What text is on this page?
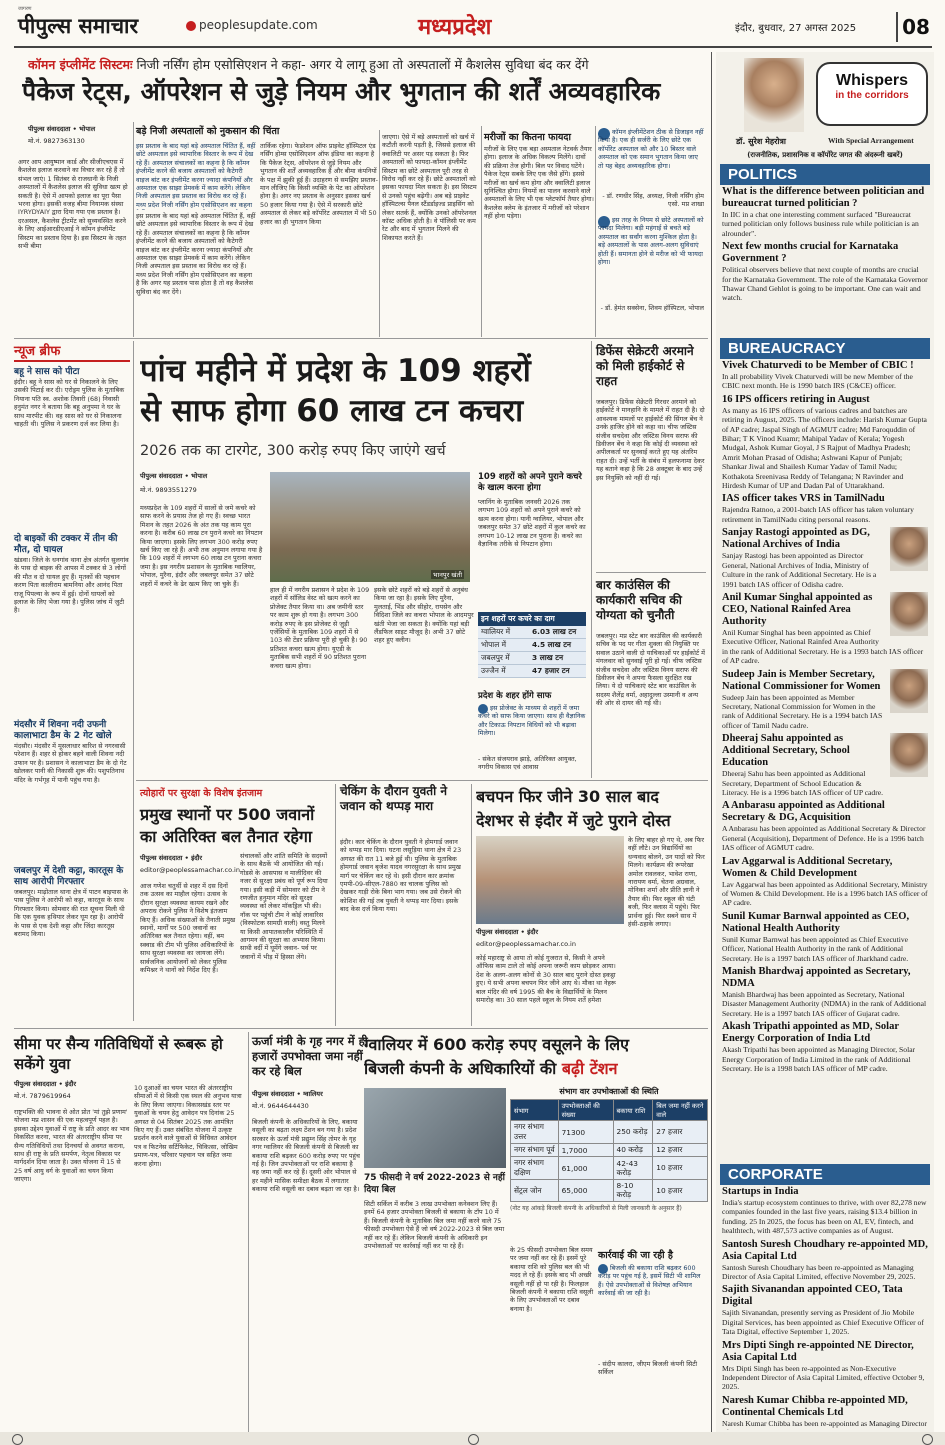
जागरण
पीपुल्स समाचार	peoplesupdate.com	मध्यप्रदेश	इंदौर, बुधवार, 27 अगस्त 2025	08
कॉमन इंप्लीमेंट सिस्टमः निजी नर्सिंग होम एसोसिएशन ने कहा- अगर ये लागू हुआ तो अस्पतालों में कैशलेस सुविधा बंद कर देंगे
पैकेज रेट्स, ऑपरेशन से जुड़े नियम और भुगतान की शर्तें अव्यवहारिक
पीपुल्स संवाददाता • भोपाल
मो.नं. 9827363130
अगर आप आयुष्मान कार्ड और सीजीएचएस में कैशलेस इलाज करवाने का विचार कर रहे हैं तो संभल जाएं। 1 सितंबर से राजधानी के निजी अस्पतालों में कैशलेस इलाज की सुविधा खत्म हो सकती है। ऐसे में आपको इलाज का पूरा पैसा भरना होगा। इसकी वजह बीमा नियामक संस्था IYRYDYAIY द्वारा दिया गया एक प्रस्ताव है। दरअसल, कैशलेस ट्रीटमेंट को सुव्यवस्थित करने के लिए आईआरडीएआई ने कॉमन इंप्लीमेंट सिस्टम का प्रस्ताव दिया है। इस सिस्टम के तहत सभी बीमा
बड़े निजी अस्पतालों को नुकसान की चिंता
इस प्रस्ताव के बाद यहां बड़े अस्पताल चिंतित हैं, वहीं छोटे अस्पताल इसे व्यापारिक विस्तार के रूप में देख रहे हैं। अस्पताल संचालकों का कहना है कि कॉमन इंप्लीमेंट करने की बजाय अस्पतालों को कैटेगरी वाइज बांट कर इंप्लीमेंट करना ज्यादा कंपनियों और अस्पताल एक साझा प्रेमवर्क में काम करेंगे। लेकिन निजी अस्पताल इस प्रस्ताव का विरोध कर रहे हैं। मध्य प्रदेश निजी नर्सिंग होम एसोसिएशन का कहना
इस प्रस्ताव के बाद यहां बड़े अस्पताल चिंतित हैं, वहीं छोटे अस्पताल इसे व्यापारिक विस्तार के रूप में देख रहे हैं। अस्पताल संचालकों का कहना है कि कॉमन इंप्लीमेंट करने की बजाय अस्पतालों को कैटेगरी वाइज बांट कर इंप्लीमेंट करना ज्यादा कंपनियों और अस्पताल एक साझा प्रेमवर्क में काम करेंगे। लेकिन निजी अस्पताल इस प्रस्ताव का विरोध कर रहे हैं। मध्य प्रदेश निजी नर्सिंग होम एसोसिएशन का कहना है कि अगर यह प्रस्ताव पास होता है तो वह कैशलेस सुविधा बंद कर देंगे।
तार्किक रहेगा। फेडरेशन ऑफ प्राइवेट हॉस्पिटल एंड नर्सिंग होम्स एसोसिएशन ऑफ इंडिया का कहना है कि पैकेज रेट्स, ऑपरेशन से जुड़े नियम और भुगतान की शर्तें अव्यवहारिक हैं और बीमा कंपनियों के पक्ष में झुकी हुई हैं। उदाहरण से समझिए प्रस्ताव-मान लीजिए कि किसी व्यक्ति के पेट का ऑपरेशन होना है। अगर नए प्रस्ताव के अनुसार इसका खर्च 50 हजार किया गया है। ऐसे में सरकारी छोटे अस्पताल से लेकर बड़े कॉर्पोरेट अस्पताल में भी 50 हजार का ही भुगतान किया
जाएगा। ऐसे में बड़े अस्पतालों को खर्च में कटौती करनी पड़ती है, जिससे इलाज की क्वालिटी पर असर पड़ सकता है। फिर अस्पतालों को फायदा-कॉमन इंप्लीमेंट सिस्टम का छोटे अस्पताल पूरी तरह से विरोध नहीं कर रहे हैं। छोटे अस्पतालों को इसका फायदा मिल सकता है। इस सिस्टम से उनको पहुंच बढ़ेगी। अब बड़े प्राइवेट हॉस्पिटल्स पैनल स्टैंडर्डाइज्ड प्राइसिंग को लेकर सतर्क हैं, क्योंकि उनको ऑपरेशनल कॉस्ट अधिक होती है। वे पॉलिसी पर कम रेट और बाद में भुगतान मिलने की शिकायत करते हैं।
मरीजों का कितना फायदा
मरीजों के लिए एक बड़ा अस्पताल नेटवर्क तैयार होगा। इलाज के अधिक विकल्प मिलेंगे। दावों की प्रक्रिया तेज होगी। बिल पर विवाद घटेंगे। पैकेज रेट्स सबके लिए एक जैसे होंगे। इससे मरीजों का खर्च कम होगा और क्वालिटी इलाज सुनिश्चित होगा। नियमों का पालन करवाने वाले अस्पतालों के लिए भी एक प्लेटफॉर्म तैयार होगा। कैशलेस क्लेम के इंतजार में मरीजों को परेशान नहीं होना पड़ेगा।
कॉमन इंप्लीमेंटेशन ठीक से डिजाइन नहीं किया है। एक ही सर्जरी के लिए छोटे एक कॉर्पोरेट अस्पताल को और 10 बिस्तर वाले अस्पताल को एक समान भुगतान किया जाए तो यह बेहद अव्यवहारिक होगा।
- डॉ. रणधीर सिंह, अध्यक्ष, निजी नर्सिंग होम एसो. मप्र शाखा
इस तरह के नियम से छोटे अस्पतालों को फायदा मिलेगा। बड़ी महंगाई से बचते बड़े अस्पताल का सर्वांग करना मुश्किल होता है। बड़े अस्पतालों के पास अलग-अलग सुविधाएं होती हैं। समानता होने से मरीज को भी फायदा होगा।
- डॉ. हेमंत सक्सेना, शिवम हॉस्पिटल, भोपाल
न्यूज ब्रीफ
बहू ने सास को पीटा
इंदौर। बहू ने सास को घर से निकालने के लिए उसकी पिटाई कर दी। एरोड्रम पुलिस के मुताबिक नियाना पति स्व. अशोक तिवारी (68) निवासी हनुमंत नगर ने बताया कि बहू अनुपमा ने घर के साथ मारपीट की। वह सास को घर से निकालना चाहती थी। पुलिस ने प्रकरण दर्ज कर लिया है।
दो बाइकों की टक्कर में तीन की मौत, दो घायल
खंडवा। जिले के धनगांव थाना क्षेत्र अंतर्गत सुलगांव के पास दो बाइक की आपस में टक्कर से 3 लोगों की मौत व दो घायल हुए हैं। मृतकों की पहचान करण पिता कालीराम बामनिया और आनंद पिता राजू पिपल्या के रूप में हुई। दोनों घायलों को इलाज के लिए भेजा गया है। पुलिस जांच में जुटी है।
मंदसौर में शिवना नदी उफनी कालाभाटा डैम के 2 गेट खोले
मंदसौर। मंदसौर में मूसलाधार बारिश से नगरवासी परेशान हैं। शहर से होकर बहने वाली शिवना नदी उफान पर है। प्रशासन ने कालाभाटा डैम के दो गेट खोलकर पानी की निकासी शुरू की। पशुपतिनाथ मंदिर के गर्भगृह में पानी पहुंच गया है।
जबलपुर में देशी कट्टा, कारतूस के साथ आरोपी गिरफ्तार
जबलपुर। माढ़ोताल थाना क्षेत्र में पाटन बाइपास के पास पुलिस ने आरोपी को कट्टा, कारतूस के साथ गिरफ्तार किया। सोमवार की रात सूचना मिली थी कि एक युवक हथियार लेकर घूम रहा है। आरोपी के पास से एक देशी कट्टा और जिंदा कारतूस बरामद किया।
पांच महीने में प्रदेश के 109 शहरों
से साफ होगा 60 लाख टन कचरा
2026 तक का टारगेट, 300 करोड़ रुपए किए जाएंगे खर्च
पीपुल्स संवाददाता • भोपाल
मो.नं. 9893551279
मध्यप्रदेश के 109 शहरों में सालों से जमे कचरे को साफ करने के प्रयास तेज हो गए हैं। स्वच्छ भारत मिशन के तहत 2026 के अंत तक यह काम पूरा करना है। करीब 60 लाख टन पुराने कचरे का निपटान किया जाएगा। इसके लिए लगभग 300 करोड़ रुपए खर्च किए जा रहे हैं। अभी तक अनुमान लगाया गया है कि 109 शहरों में लगभग 60 लाख टन पुराना कचरा जमा है। इस नगरीय प्रशासन के मुताबिक ग्वालियर, भोपाल, मुरैना, इंदौर और जबलपुर समेत 37 छोटे शहरों में कचरे के ढेर खत्म किए जा चुके हैं।
भानपुर खंती
हाल ही में नगरीय प्रशासन ने प्रदेश के 109 शहरों में सॉलिड वेस्ट को खत्म करने का प्रोजेक्ट तैयार किया था। अब जमीनी स्तर पर काम शुरू हो गया है। लगभग 300 करोड़ रुपए के इस प्रोजेक्ट से जुड़ी एजेंसियों के मुताबिक 109 शहरों में से 103 की टेंडर प्रक्रिया पूरी हो चुकी है। 90 प्रतिशत कचरा खत्म होगा। यूएडी के मुताबिक सभी शहरों में 90 प्रतिशत पुराना कचरा खत्म होगा।
इसके छोटे शहरों को बड़े शहरों से अनुबंध किया जा रहा है। इसके लिए मुरैना, मुलताई, भिंड और सीहोर, रायसेन और विदिशा जिले का कचरा भोपाल के आदमपुर खंती भेजा जा सकता है। क्योंकि यहां बड़ी लैंडफिल साइट मौजूद है। अभी 37 छोटे शहर हुए क्लीन।
109 शहरों को अपने पुराने कचरे के खात्म करना होगा
प्लानिंग के मुताबिक जनवरी 2026 तक लगभग 109 शहरों को अपने पुराने कचरे को खत्म करना होगा। यानी ग्वालियर, भोपाल और जबलपुर समेत 37 छोटे शहरों में कुल कचरे का लगभग 10-12 लाख टन पुराना है। कचरे का वैज्ञानिक तरीके से निपटान होगा।
इन शहरों पर कचरे का दाग
ग्वालियर में	6.03 लाख टन
भोपाल में	4.5 लाख टन
जबलपुर में	3 लाख टन
उज्जैन में	47 हजार टन
प्रदेश के शहर होंगे साफ
इस प्रोजेक्ट के माध्यम से शहरों में जमा कचरे को साफ किया जाएगा। साथ ही वैज्ञानिक और टिकाऊ निपटान विधियों को भी बढ़ावा मिलेगा।
- संकेत संजयराव झाड़े, अतिरिक्त आयुक्त, नगरीय विकास एवं आवास
डिफेंस सेक्रेटरी अरमाने को मिली हाईकोर्ट से राहत
जबलपुर। डिफेंस सेक्रेटरी गिरधर अरमाने को हाईकोर्ट ने मानहानि के मामले में राहत दी है। दो आवश्यक मामलों पर हाईकोर्ट की सिंगल बेंच ने उनके हाजिर होने को कहा था। चीफ जस्टिस संजीव सचदेवा और जस्टिस विनय सराफ की डिवीजन बेंच ने कहा कि कोई दी व्यवस्था को अपीलकर्ता पर सुनवाई करते हुए यह अंतरिम राहत दी। उन्हें भर्ती के संबंध में हलफनामा देकर यह बताने कहा है कि 28 अक्टूबर के बाद उन्हें इस नियुक्ति को नहीं दी गई।
बार काउंसिल की कार्यकारी सचिव की योग्यता को चुनौती
जबलपुर। मप्र स्टेट बार काउंसिल की कार्यकारी सचिव के पद पर गीता शुक्ला की नियुक्ति पर सवाल उठाने वाली दो याचिकाओं पर हाईकोर्ट में मंगलवार को सुनवाई पूरी हो गई। चीफ जस्टिस संजीव सचदेवा और जस्टिस विनय सराफ की डिवीजन बेंच ने अपना फैसला सुरक्षित रख लिया। ये दो याचिकाएं स्टेट बार काउंसिल के सदस्य शैलेंद्र वर्मा, अहादुल्ला उस्मानी व अन्य की ओर से दायर की गई थी।
त्योहारों पर सुरक्षा के विशेष इंतजाम
प्रमुख स्थानों पर 500 जवानों का अतिरिक्त बल तैनात रहेगा
पीपुल्स संवाददाता • इंदौर
editor@peoplessamachar.co.in
आज गणेश चतुर्थी से शहर में दस दिनों तक उत्सव का माहौल रहेगा। उत्सव के दौरान सुरक्षा व्यवस्था कायम रखने और अपराध रोकने पुलिस ने विशेष इंतजाम किए हैं। अधिक संख्याओं के तैनाती प्रमुख स्थानों, मार्गों पर 500 जवानों का अतिरिक्त बल तैनात रहेगा। वहीं, बम स्क्वाड की टीम भी पुलिस अधिकारियों के साथ सुरक्षा व्यवस्था का जायजा लेंगे। सार्वजनिक आयोजनों को लेकर पुलिस कमिश्नर ने थानों को निर्देश दिए हैं।
संचालकों और शांति समिति के सदस्यों के साथ बैठकें भी आयोजित की गई। गोडसे के आसपास व मालीदिवर की नजर से सुरक्षा प्रबंध को पूर्ण रूप दिया गया। इसी कड़ी में सोमवार को टीम ने रणजीत हनुमान मंदिर को सुरक्षा व्यवस्था को लेकर मॉकड्रिल भी की। नॉक पर पहुंची टीम ने कोई लावारिस (विस्फोटक सामग्री वाली) वस्तु मिलने या किसी आपातकालीन परिस्थिति में आगमन की सुरक्षा का अभ्यास किया। साथी वर्दी में घूमेंगे जवान- पर्व पर जवानों में भीड़ में हिस्सा लेंगे।
चेकिंग के दौरान युवती ने जवान को थप्पड़ मारा
इंदौर। कार चेकिंग के दौरान युवती ने होमगार्ड जवान को थप्पड़ मार दिया। घटना लसूड़िया थाना क्षेत्र में 23 अगस्त की रात 11 बजे हुई थी। पुलिस के मुताबिक होमगार्ड जवान बृजेश यादव नगरसुरक्षा के साथ प्रमुख मार्ग पर चेकिंग कर रहे थे। इसी दौरान कार क्रमांक एमपी-09-सीएल-7880 का चालक पुलिस को देखकर गाड़ी रोके बिना भाग गया। जब उसे रोकने की कोशिश की गई तब युवती ने थप्पड़ मार दिया। इसके बाद केस दर्ज किया गया।
बचपन फिर जीने 30 साल बाद
देशभर से इंदौर में जुटे पुराने दोस्त
पीपुल्स संवाददाता • इंदौर
editor@peoplessamachar.co.in
कोई महाराष्ट्र से आया तो कोई गुजरात से, किसी ने अपने ऑफिस काम टाले तो कोई अपना जरूरी काम छोड़कर आया। देश के अलग-अलग कोनों से 30 साल बाद पुराने दोस्त इकट्ठा हुए। ये सभी अपना बचपन फिर जीने आए थे। मौका था नेहरू बाल मंदिर की वर्ष 1995 की बैच के विद्यार्थियों के मिलन समारोह का। 30 साल पहले स्कूल के नियम शर्ते हमेशा
के लिए बाहर हो गए थे, अब फिर वहीं लौटे। उन विद्यार्थियों का धन्यवाद बोलने, उन यादों को फिर मिलने। कार्यक्रम की रूपरेखा अमोल रावलकर, भावेश राणा, नारायण वर्मा, चेतना अग्रवाल, मोनिका शर्मा और प्रीति ज्ञानी ने तैयार की। फिर स्कूल की घंटी बजी, फिर क्लास में पहुंचे। फिर प्रार्थना हुई। फिर सबने साथ में हंसी-ठहाके लगाए।
सीमा पर सैन्य गतिविधियों से रूबरू हो सकेंगे युवा
पीपुल्स संवाददाता • इंदौर
मो.नं. 7879619964
राष्ट्रभक्ति की भावना से ओत प्रोत 'मां तुझे प्रणाम' योजना मप्र शासन की एक महत्वपूर्ण पहल है। इसका उद्देश्य युवाओं में राष्ट्र के प्रति आदर का भाव विकसित करना, भारत की अंतरराष्ट्रीय सीमा पर सैन्य गतिविधियों तथा दिनचर्या से अवगत कराना, साथ ही राष्ट्र के प्रति समर्पण, नेतृत्व विकास पर मार्गदर्शन दिया जाता है। उक्त योजना में 15 से 25 वर्ष आयु वर्ग के युवाओं का चयन किया जाएगा।
10 दुआओं का चयन भारत की अंतरराष्ट्रीय सीमाओं में से किसी एक स्थल की अनुभव यात्रा के लिए किया जाएगा। विकासखंड स्तर पर युवाओं के चयन हेतु आवेदन पत्र दिनांक 25 अगस्त से 04 सितंबर 2025 तक आमंत्रित किए गए हैं। उक्त संबंधित योजना में उत्कृष्ट प्रदर्शन करने वाले युवाओं से विधिवत आवेदन पत्र व फिटनेस सर्टिफिकेट, चिकित्सा, जोखिम प्रमाण-पत्र, परिवार पहचान पत्र सहित जमा करना होगा।
ऊर्जा मंत्री के गृह नगर में ही हजारों उपभोक्ता जमा नहीं कर रहे बिल
पीपुल्स संवाददाता • ग्वालियर
मो.नं. 9644644430
बिजली कंपनी के अधिकारियों के लिए, बकाया वसूली का बढ़ता लक्ष्य टेंशन बन गया है। प्रदेश सरकार के ऊर्जा मंत्री प्रद्युम्न सिंह तोमर के गृह नगर ग्वालियर की बिजली कंपनी से बिजली का बकाया राशि बढ़कर 600 करोड़ रुपए पर पहुंच गई है। जिन उपभोक्ताओं पर राशि बकाया है वह जमा नहीं कर रहे हैं। दूसरी ओर भोपाल से हर महीने मासिक समीक्षा बैठक में लगातार बकाया राशि वसूली का दबाव बढ़ता जा रहा है।
75 फीसदी ने वर्ष 2022-2023 से नहीं दिया बिल
सिटी सर्किल में करीब 3 लाख उपभोक्ता कनेक्शन लिए हैं। इनमें 64 हजार उपभोक्ता बिजली से बकाया के टॉप 10 में हैं। बिजली कंपनी के मुताबिक बिल जमा नहीं करने वाले 75 फीसदी उपभोक्ता ऐसे हैं जो वर्ष 2022-2023 से बिल जमा नहीं कर रहे हैं। लेकिन बिजली कंपनी के अधिकारी इन उपभोक्ताओं पर कार्रवाई नहीं कर पा रहे हैं।
ग्वालियर में 600 करोड़ रुपए वसूलने के लिए
बिजली कंपनी के अधिकारियों की बढ़ी टेंशन
संभाग वार उपभोक्ताओं की स्थिति
संभाग	उपभोक्ताओं की संख्या	बकाया राशि	बिल जमा नहीं करने वाले
नगर संभाग उत्तर	71300	250 करोड़	27 हजार
नगर संभाग पूर्व	1,7000	40 करोड़	12 हजार
नगर संभाग दक्षिण	61,000	42-43 करोड़	10 हजार
सेंट्रल जोन	65,000	8-10 करोड़	10 हजार
(नोट यह आंकड़े बिजली कंपनी के अधिकारियों से मिली जानकारी के अनुसार हैं)
के 25 फीसदी उपभोक्ता बिल समय पर जमा नहीं कर रहे हैं। इसमें पूरे बकाया राशि को पुलिस बल की भी मदद ले रहे हैं। इसके बाद भी अच्छी वसूली नहीं हो पा रही है। फिलहाल बिजली कंपनी ने बकाया राशि वसूली के लिए उपभोक्ताओं पर दबाव बनाया है।
कार्रवाई की जा रही है
बिजली की बकाया राशि बढ़कर 600 करोड़ पर पहुंच गई है, इसमें सिटी भी शामिल हैं। ऐसे उपभोक्ताओं से विशेषज्ञ अभियान कार्रवाई की जा रही है।
- संदीप कालरा, जीएम बिजली कंपनी सिटी सर्किल
Whispers
in the corridors
डॉ. सुरेश मेहरोत्रा	With Special Arrangement
(राजनीतिक, प्रशासनिक व कॉर्पोरेट जगत की अंदरूनी खबरें)
POLITICS
What is the difference between politician and bureaucrat turned politician ?
In IIC in a chat one interesting comment surfaced "Bureaucrat turned politician only follows business rule while politician is an alrounder".
Next few months crucial for Karnataka Government ?
Political observers believe that next couple of months are crucial for the Karnataka Government. The role of the Karnataka Governor Thawar Chand Gehlot is going to be important. One can wait and watch.
BUREAUCRACY
Vivek Chaturvedi to be Member of CBIC !
In all probability Vivek Chaturvedi will be new Member of the CBIC next month. He is 1990 batch IRS (C&CE) officer.
16 IPS officers retiring in August
As many as 16 IPS officers of various cadres and batches are retiring in August, 2025. The officers include: Harish Kumar Gupta of AP cadre; Jaspal Singh of AGMUT cadre; Md Faroquddin of Bihar; T K Vinod Kuamr; Mahipal Yadav of Kerala; Yogesh Mudgal, Ashok Kumar Goyal, J S Rajput of Madhya Pradesh; Amrit Mohan Prasad of Odisha; Ashwani Kapur of Punjab; Shankar Jiwal and Shailesh Kumar Yadav of Tamil Nadu; Kothakota Sreenivasa Reddy of Telangana; N Ravinder and Hirdesh Kumar of UP and Dadan Pal of Uttarakhand.
IAS officer takes VRS in TamilNadu
Rajendra Ratnoo, a 2001-batch IAS officer has taken voluntary retirement in TamilNadu citing personal reasons.
Sanjay Rastogi appointed as DG, National Archives of India
Sanjay Rastogi has been appointed as Director General, National Archives of India, Ministry of Culture in the rank of Additional Secretary. He is a 1991 batch IAS officer of Odisha cadre.
Anil Kumar Singhal appointed as CEO, National Rainfed Area Authority
Anil Kumar Singhal has been appointed as Chief Executive Officer, National Rainfed Area Authority in the rank of Additional Secretary. He is a 1993 batch IAS officer of AP cadre.
Sudeep Jain is Member Secretary, National Commissioner for Women
Sudeep Jain has been appointed as Member Secretary, National Commission for Women in the rank of Additional Secretary. He is a 1994 batch IAS officer of Tamil Nadu cadre.
Dheeraj Sahu appointed as Additional Secretary, School Education
Dheeraj Sahu has been appointed as Additional Secretary, Department of School Education & Literacy. He is a 1996 batch IAS officer of UP cadre.
A Anbarasu appointed as Additional Secretary & DG, Acquisition
A Anbarasu has been appointed as Additional Secretary & Director General (Acquisition), Department of Defence. He is a 1996 batch IAS officer of AGMUT cadre.
Lav Aggarwal is Additional Secretary, Women & Child Development
Lav Aggarwal has been appointed as Additional Secretary, Ministry of Women & Child Development. He is a 1996 batch IAS officer of AP cadre.
Sunil Kumar Barnwal appointed as CEO, National Health Authority
Sunil Kumar Barnwal has been appointed as Chief Executive Officer, National Health Authority in the rank of Additional Secretary. He is a 1997 batch IAS officer of Jharkhand cadre.
Manish Bhardwaj appointed as Secretary, NDMA
Manish Bhardwaj has been appointed as Secretary, National Disaster Management Authority (NDMA) in the rank of Additional Secretary. He is a 1997 batch IAS officer of Gujarat cadre.
Akash Tripathi appointed as MD, Solar Energy Corporation of India Ltd
Akash Tripathi has been appointed as Managing Director, Solar Energy Corporation of India Limited in the rank of Additional Secretary. He is a 1998 batch IAS officer of MP cadre.
CORPORATE
Startups in India
India's startup ecosystem continues to thrive, with over 82,278 new companies founded in the last five years, raising $13.4 billion in funding. 25 In 2025, the focus has been on AI, EV, fintech, and healthtech, with 487,573 active companies as of August.
Santosh Suresh Choudhary re-appointed MD, Asia Capital Ltd
Santosh Suresh Choudhary has been re-appointed as Managing Director of Asia Capital Limited, effective November 29, 2025.
Sajith Sivanandan appointed CEO, Tata Digital
Sajith Sivanandan, presently serving as President of Jio Mobile Digital Services, has been appointed as Chief Executive Officer of Tata Digital, effective September 1, 2025.
Mrs Dipti Singh re-appointed NE Director, Asia Capital Ltd
Mrs Dipti Singh has been re-appointed as Non-Executive Independent Director of Asia Capital Limited, effective October 9, 2025.
Naresh Kumar Chibba re-appointed MD, Continental Chemicals Ltd
Naresh Kumar Chibba has been re-appointed as Managing Director
